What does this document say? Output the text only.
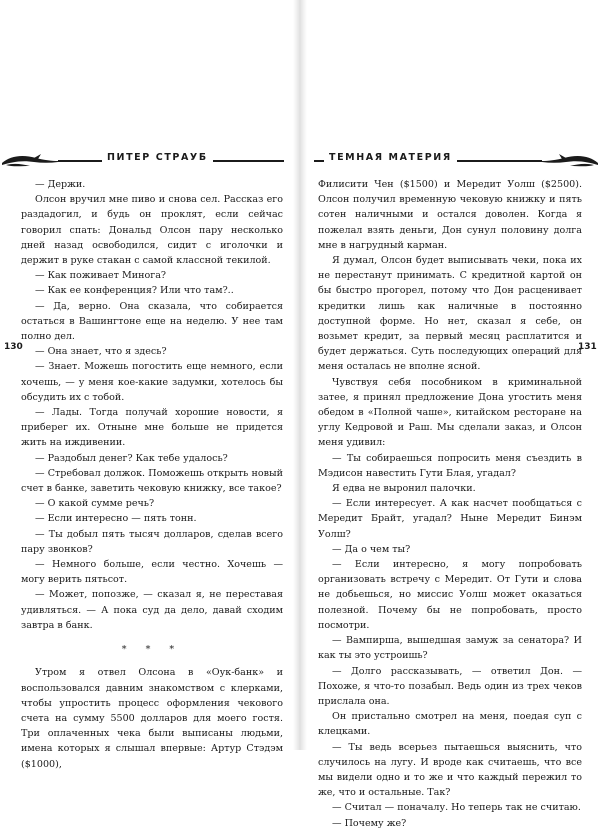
ПИТЕР СТРАУБ
130

— Держи.

Олсон вручил мне пиво и снова сел. Рассказ его раздадогил, и будь он проклят, если сейчас говорил спать: Дональд Олсон пару несколько дней назад освободился, сидит с иголочки и держит в руке стакан с самой классной текилой.

— Как поживает Минога?

— Как ее конференция? Или что там?..

— Да, верно. Она сказала, что собирается остаться в Вашингтоне еще на неделю. У нее там полно дел.

— Она знает, что я здесь?

— Знает. Можешь погостить еще немного, если хочешь, — у меня кое-какие задумки, хотелось бы обсудить их с тобой.

— Лады. Тогда получай хорошие новости, я приберег их. Отныне мне больше не придется жить на иждивении.

— Раздобыл денег? Как тебе удалось?

— Стребовал должок. Поможешь открыть новый счет в банке, заветить чековую книжку, все такое?

— О какой сумме речь?

— Если интересно — пять тонн.

— Ты добыл пять тысяч долларов, сделав всего пару звонков?

— Немного больше, если честно. Хочешь — могу верить пятьсот.

— Может, попозже, — сказал я, не переставая удивляться. — А пока суд да дело, давай сходим завтра в банк.

* * *

Утром я отвел Олсона в «Оук-банк» и воспользовался давним знакомством с клерками, чтобы упростить процесс оформления чекового счета на сумму 5500 долларов для моего гостя. Три оплаченных чека были выписаны людьми, имена которых я слышал впервые: Артур Стэдэм ($1000),

ТЕМНАЯ МАТЕРИЯ
131

Филисити Чен ($1500) и Мередит Уолш ($2500). Олсон получил временную чековую книжку и пять сотен наличными и остался доволен. Когда я пожелал взять деньги, Дон сунул половину долга мне в нагрудный карман.

Я думал, Олсон будет выписывать чеки, пока их не перестанут принимать. С кредитной картой он бы быстро прогорел, потому что Дон расценивает кредитки лишь как наличные в постоянно доступной форме. Но нет, сказал я себе, он возьмет кредит, за первый месяц расплатится и будет держаться. Суть последующих операций для меня осталась не вполне ясной.

Чувствуя себя пособником в криминальной затее, я принял предложение Дона угостить меня обедом в «Полной чаше», китайском ресторане на углу Кедровой и Раш. Мы сделали заказ, и Олсон меня удивил:

— Ты собираешься попросить меня съездить в Мэдисон навестить Гути Блая, угадал?

Я едва не выронил палочки.

— Если интересует. А как насчет пообщаться с Мередит Брайт, угадал? Ныне Мередит Бинэм Уолш?

— Да о чем ты?

— Если интересно, я могу попробовать организовать встречу с Мередит. От Гути и слова не добьешься, но миссис Уолш может оказаться полезной. Почему бы не попробовать, просто посмотри.

— Вампирша, вышедшая замуж за сенатора? И как ты это устроишь?

— Долго рассказывать, — ответил Дон. — Похоже, я что-то позабыл. Ведь один из трех чеков прислала она.

Он пристально смотрел на меня, поедая суп с клецками.

— Ты ведь всерьез пытаешься выяснить, что случилось на лугу. И вроде как считаешь, что все мы видели одно и то же и что каждый пережил то же, что и остальные. Так?

— Считал — поначалу. Но теперь так не считаю.

— Почему же?
